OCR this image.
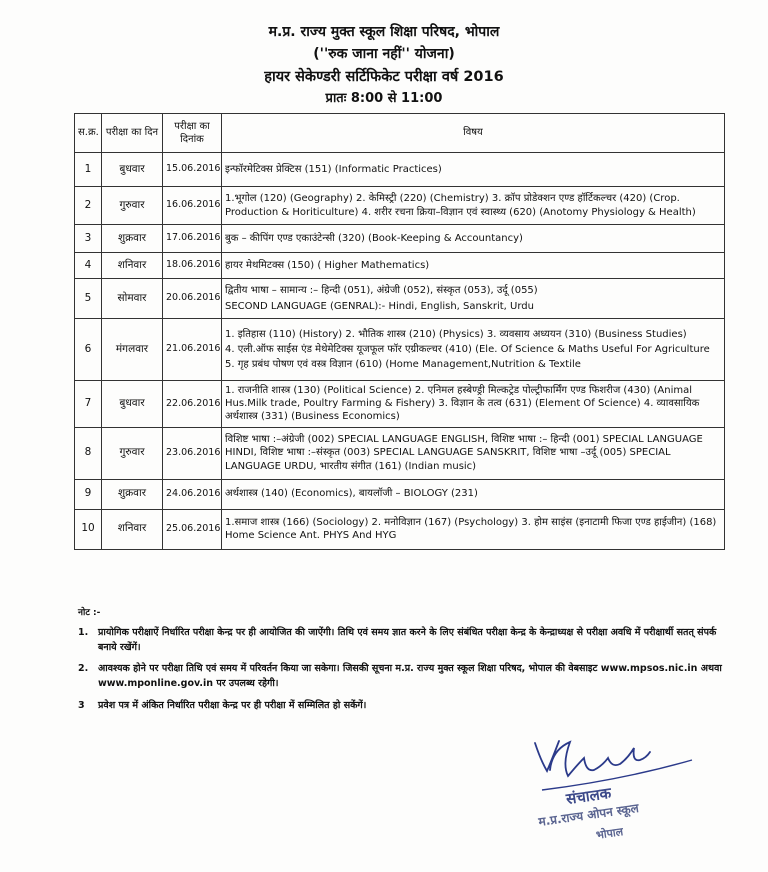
म.प्र. राज्य मुक्त स्कूल शिक्षा परिषद, भोपाल
(''रुक जाना नहीं'' योजना)
हायर सेकेण्डरी सर्टिफिकेट परीक्षा वर्ष 2016
प्रातः 8:00 से 11:00
स.क्र.	परीक्षा का दिन	परीक्षा का दिनांक	विषय
1	बुधवार	15.06.2016	इन्फॉरमेटिक्स प्रेक्टिस (151) (Informatic Practices)

2	गुरुवार	16.06.2016	1.भूगोल (120) (Geography) 2. केमिस्ट्री (220) (Chemistry) 3. क्रॉप प्रोडेक्शन एण्ड हॉर्टिकल्चर (420) (Crop. Production & Horiticulture) 4. शरीर रचना क्रिया–विज्ञान एवं स्वास्थ्य (620) (Anotomy Physiology & Health)

3	शुक्रवार	17.06.2016	बुक – कीपिंग एण्ड एकाउंटेन्सी (320) (Book-Keeping & Accountancy)

4	शनिवार	18.06.2016	हायर मेथमिटक्स (150) ( Higher Mathematics)

5	सोमवार	20.06.2016	द्वितीय भाषा – सामान्य :– हिन्दी (051), अंग्रेजी (052), संस्कृत (053), उर्दू (055)
SECOND LANGUAGE (GENRAL):- Hindi, English, Sanskrit, Urdu

6	मंगलवार	21.06.2016	1. इतिहास (110) (History) 2. भौतिक शास्त्र (210) (Physics) 3. व्यवसाय अध्ययन (310) (Business Studies)
4. एली.ऑफ साईस एंड मेथेमेटिक्स यूजफूल फॉर एग्रीकल्चर (410) (Ele. Of Science & Maths Useful For Agriculture
5. गृह प्रबंध पोषण एवं वस्त्र विज्ञान (610) (Home Management,Nutrition & Textile

7	बुधवार	22.06.2016	1. राजनीति शास्त्र (130) (Political Science) 2. एनिमल हस्बेण्ड्री मिल्कट्रेड पोल्ट्रीफार्मिंग एण्ड फिशरीज (430) (Animal Hus.Milk trade, Poultry Farming & Fishery) 3. विज्ञान के तत्व (631) (Element Of Science) 4. व्यावसायिक अर्थशास्त्र (331) (Business Economics)

8	गुरुवार	23.06.2016	विशिष्ट भाषा :–अंग्रेजी (002) SPECIAL LANGUAGE ENGLISH, विशिष्ट भाषा :– हिन्दी (001) SPECIAL LANGUAGE HINDI, विशिष्ट भाषा :–संस्कृत (003) SPECIAL LANGUAGE SANSKRIT, विशिष्ट भाषा –उर्दू (005) SPECIAL LANGUAGE URDU, भारतीय संगीत (161) (Indian music)

9	शुक्रवार	24.06.2016	अर्थशास्त्र (140) (Economics), बायलॉजी – BIOLOGY (231)

10	शनिवार	25.06.2016	1.समाज शास्त्र (166) (Sociology) 2. मनोविज्ञान (167) (Psychology) 3. होम साइंस (इनाटामी फिजा एण्ड हाईजीन) (168) Home Science Ant. PHYS And HYG
नोट :-
1.	प्रायोगिक परीक्षाऐं निर्धारित परीक्षा केन्द्र पर ही आयोजित की जाऐंगी। तिथि एवं समय ज्ञात करने के लिए संबंधित परीक्षा केन्द्र के केन्द्राध्यक्ष से परीक्षा अवधि में परीक्षार्थी सतत् संपर्क बनाये रखेंगें।
2.	आवश्यक होने पर परीक्षा तिथि एवं समय में परिवर्तन किया जा सकेगा। जिसकी सूचना म.प्र. राज्य मुक्त स्कूल शिक्षा परिषद, भोपाल की वेबसाइट www.mpsos.nic.in अथवा www.mponline.gov.in पर उपलब्ध रहेगी।
3	प्रवेश पत्र में अंकित निर्धारित परीक्षा केन्द्र पर ही परीक्षा में सम्मिलित हो सकेंगें।
संचालक
म.प्र.राज्य ओपन स्कूल
भोपाल
